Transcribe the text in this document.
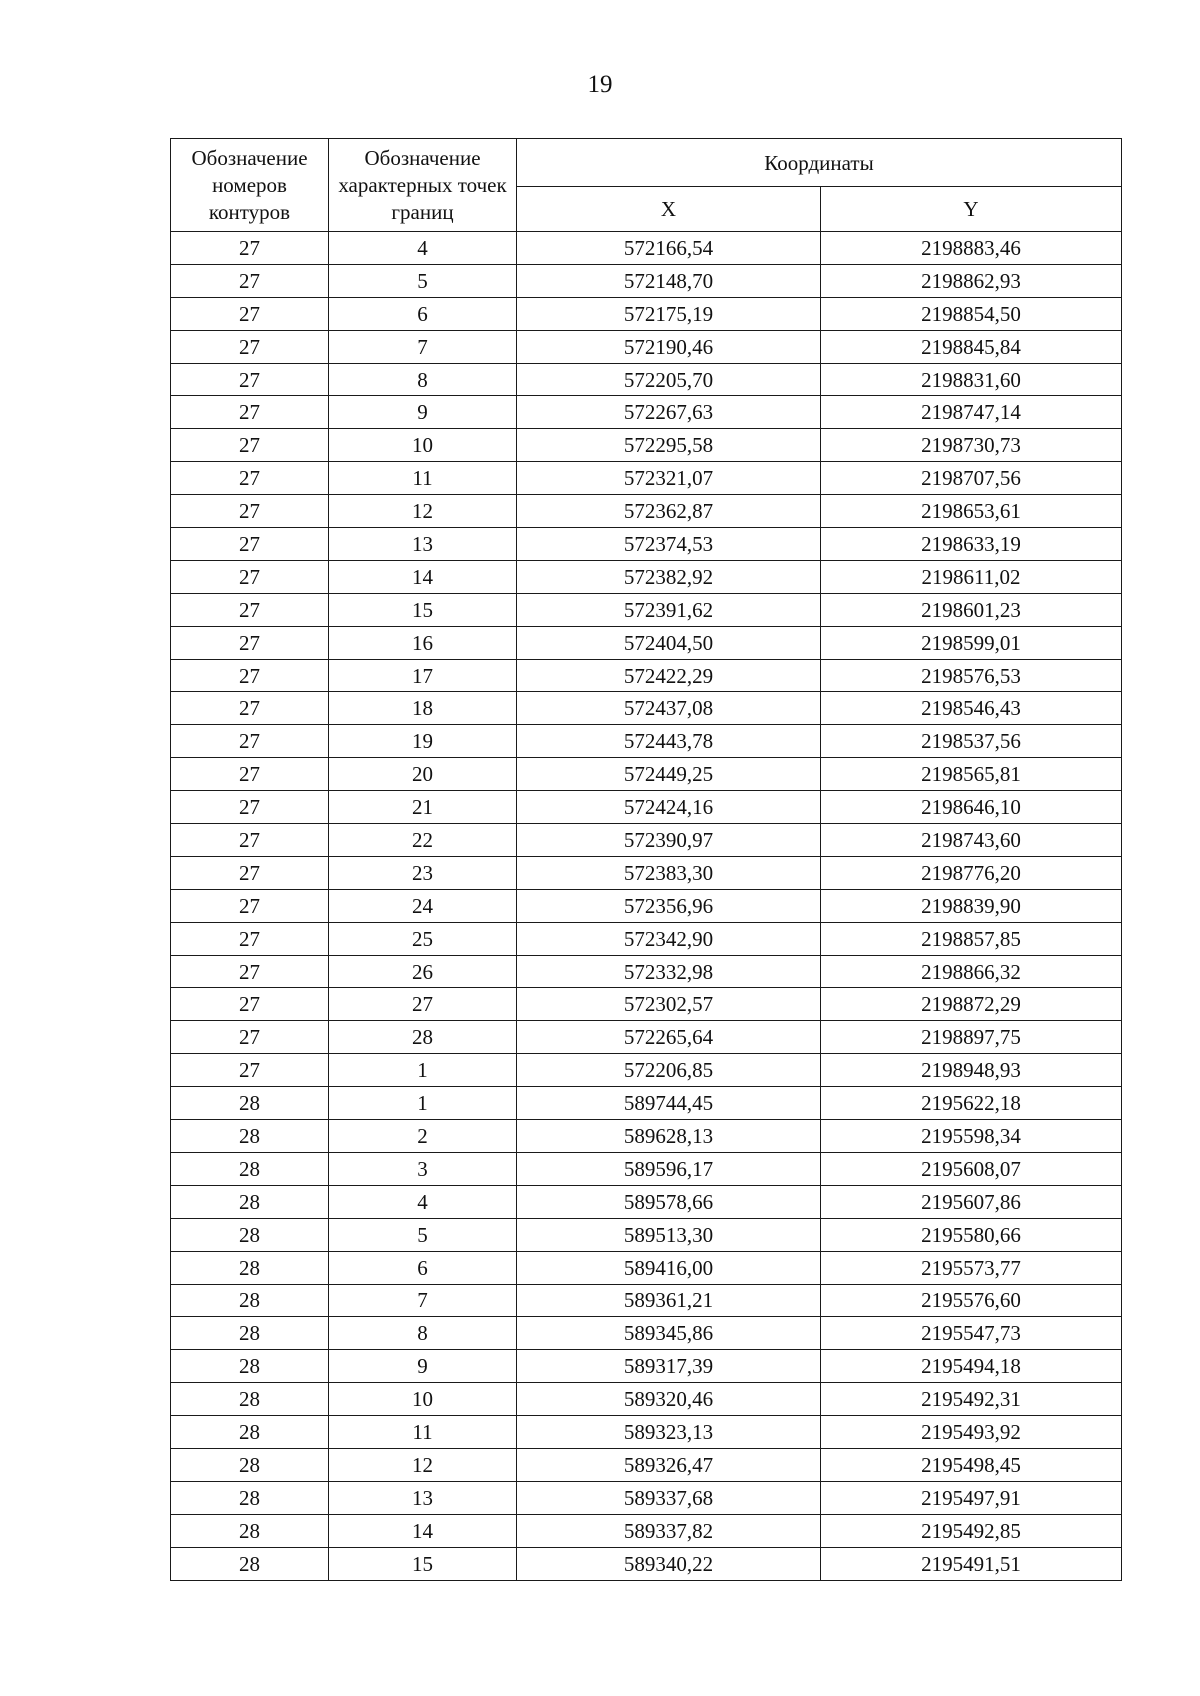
19
Обозначение номеров контуров	Обозначение характерных точек границ	Координаты	
		X	Y
27	4	572166,54	2198883,46
27	5	572148,70	2198862,93
27	6	572175,19	2198854,50
27	7	572190,46	2198845,84
27	8	572205,70	2198831,60
27	9	572267,63	2198747,14
27	10	572295,58	2198730,73
27	11	572321,07	2198707,56
27	12	572362,87	2198653,61
27	13	572374,53	2198633,19
27	14	572382,92	2198611,02
27	15	572391,62	2198601,23
27	16	572404,50	2198599,01
27	17	572422,29	2198576,53
27	18	572437,08	2198546,43
27	19	572443,78	2198537,56
27	20	572449,25	2198565,81
27	21	572424,16	2198646,10
27	22	572390,97	2198743,60
27	23	572383,30	2198776,20
27	24	572356,96	2198839,90
27	25	572342,90	2198857,85
27	26	572332,98	2198866,32
27	27	572302,57	2198872,29
27	28	572265,64	2198897,75
27	1	572206,85	2198948,93
28	1	589744,45	2195622,18
28	2	589628,13	2195598,34
28	3	589596,17	2195608,07
28	4	589578,66	2195607,86
28	5	589513,30	2195580,66
28	6	589416,00	2195573,77
28	7	589361,21	2195576,60
28	8	589345,86	2195547,73
28	9	589317,39	2195494,18
28	10	589320,46	2195492,31
28	11	589323,13	2195493,92
28	12	589326,47	2195498,45
28	13	589337,68	2195497,91
28	14	589337,82	2195492,85
28	15	589340,22	2195491,51
